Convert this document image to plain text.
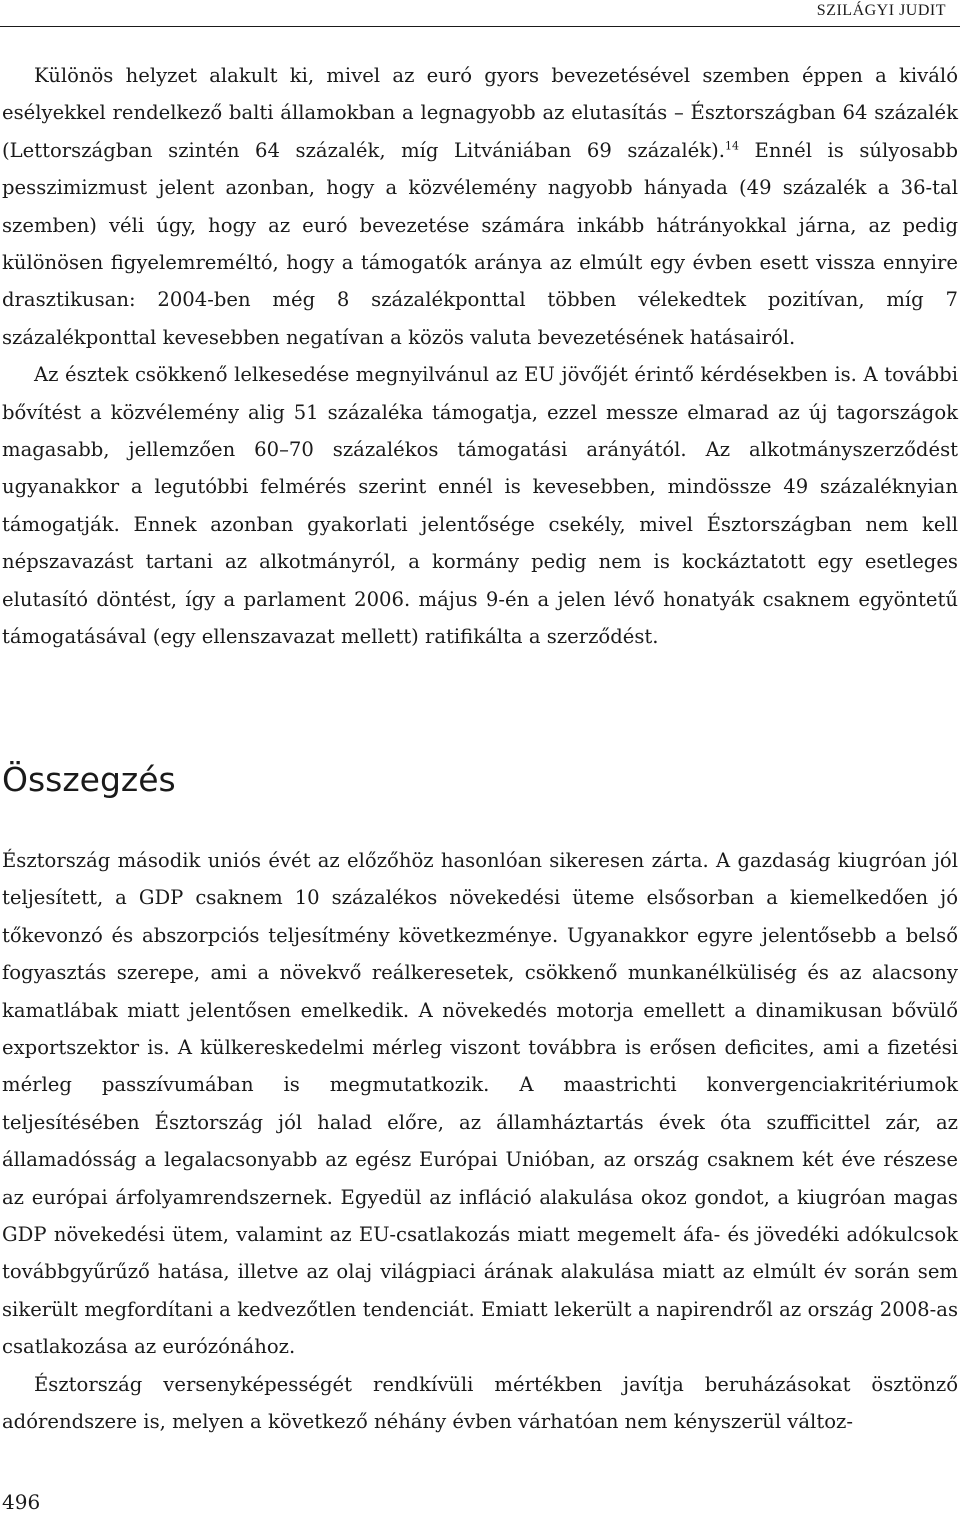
SZILÁGYI JUDIT

Különös helyzet alakult ki, mivel az euró gyors bevezetésével szemben éppen a kiváló esélyekkel rendelkező balti államokban a legnagyobb az elutasítás – Észtországban 64 százalék (Lettországban szintén 64 százalék, míg Litvániában 69 százalék).$^{14}$ Ennél is súlyosabb pesszimizmust jelent azonban, hogy a közvélemény nagyobb hányada (49 százalék a 36-tal szemben) véli úgy, hogy az euró bevezetése számára inkább hátrányokkal járna, az pedig különösen figyelemreméltó, hogy a támogatók aránya az elmúlt egy évben esett vissza ennyire drasztikusan: 2004-ben még 8 százalékponttal többen vélekedtek pozitívan, míg 7 százalékponttal kevesebben negatívan a közös valuta bevezetésének hatásairól.

Az észtek csökkenő lelkesedése megnyilvánul az EU jövőjét érintő kérdésekben is. A további bővítést a közvélemény alig 51 százaléka támogatja, ezzel messze elmarad az új tagországok magasabb, jellemzően 60–70 százalékos támogatási arányától. Az alkotmányszerződést ugyanakkor a legutóbbi felmérés szerint ennél is kevesebben, mindössze 49 százaléknyian támogatják. Ennek azonban gyakorlati jelentősége csekély, mivel Észtországban nem kell népszavazást tartani az alkotmányról, a kormány pedig nem is kockáztatott egy esetleges elutasító döntést, így a parlament 2006. május 9-én a jelen lévő honatyák csaknem egyöntetű támogatásával (egy ellenszavazat mellett) ratifikálta a szerződést.

Összegzés

Észtország második uniós évét az előzőhöz hasonlóan sikeresen zárta. A gazdaság kiugróan jól teljesített, a GDP csaknem 10 százalékos növekedési üteme elsősorban a kiemelkedően jó tőkevonzó és abszorpciós teljesítmény következménye. Ugyanakkor egyre jelentősebb a belső fogyasztás szerepe, ami a növekvő reálkeresetek, csökkenő munkanélküliség és az alacsony kamatlábak miatt jelentősen emelkedik. A növekedés motorja emellett a dinamikusan bővülő exportszektor is. A külkereskedelmi mérleg viszont továbbra is erősen deficites, ami a fizetési mérleg passzívumában is megmutatkozik. A maastrichti konvergenciakritériumok teljesítésében Észtország jól halad előre, az államháztartás évek óta szufficittel zár, az államadósság a legalacsonyabb az egész Európai Unióban, az ország csaknem két éve részese az európai árfolyamrendszernek. Egyedül az infláció alakulása okoz gondot, a kiugróan magas GDP növekedési ütem, valamint az EU-csatlakozás miatt megemelt áfa- és jövedéki adókulcsok továbbgyűrűző hatása, illetve az olaj világpiaci árának alakulása miatt az elmúlt év során sem sikerült megfordítani a kedvezőtlen tendenciát. Emiatt lekerült a napirendről az ország 2008-as csatlakozása az eurózónához.

Észtország versenyképességét rendkívüli mértékben javítja beruházásokat ösztönző adórendszere is, melyen a következő néhány évben várhatóan nem kényszerül változ-

496
